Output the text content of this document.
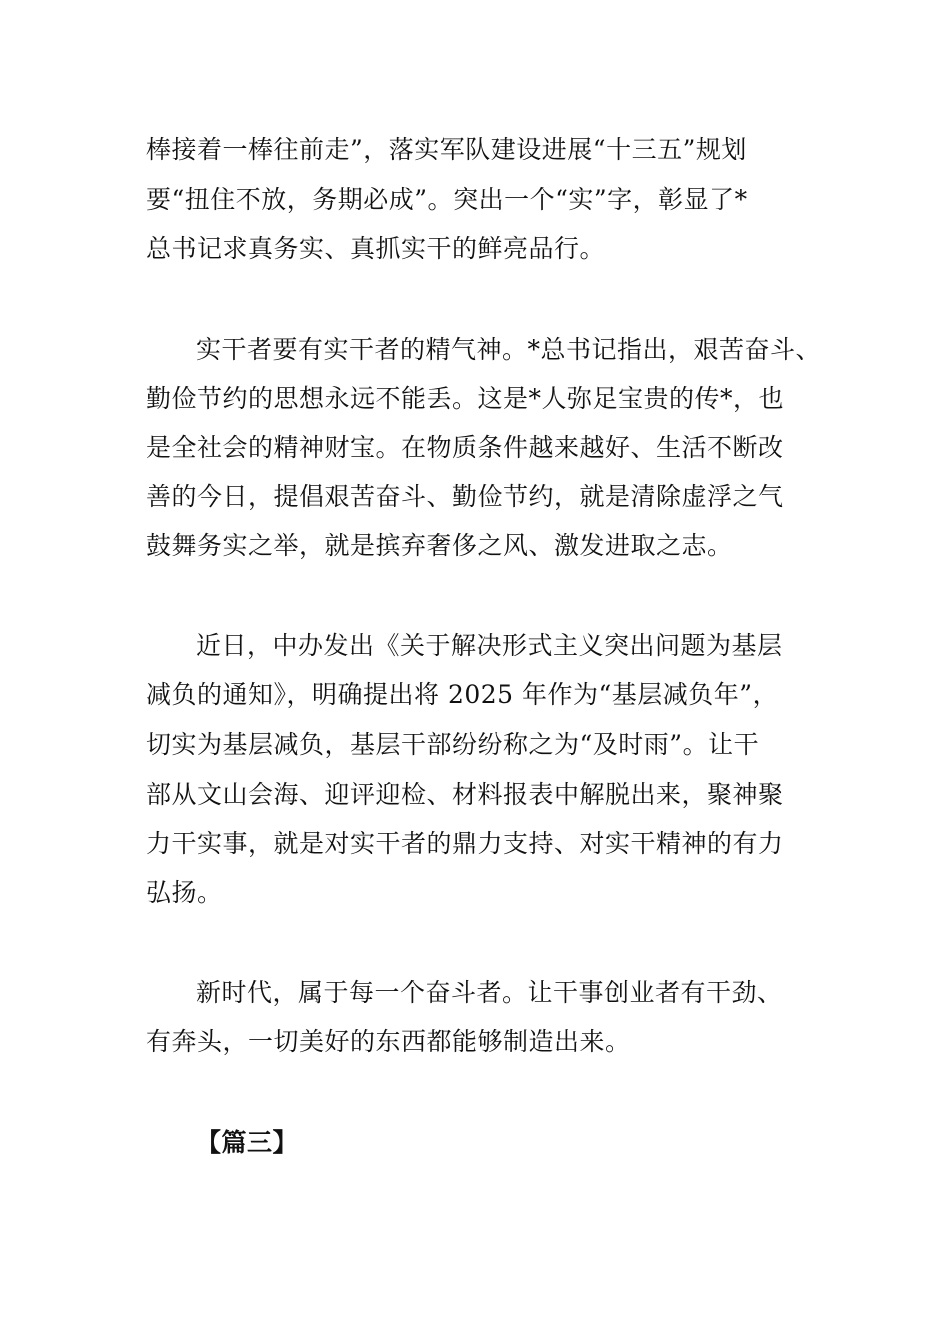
棒接着一棒往前走”，落实军队建设进展“十三五”规划
要“扭住不放，务期必成”。突出一个“实”字，彰显了*
总书记求真务实、真抓实干的鲜亮品行。
实干者要有实干者的精气神。*总书记指出，艰苦奋斗、
勤俭节约的思想永远不能丢。这是*人弥足宝贵的传*，也
是全社会的精神财宝。在物质条件越来越好、生活不断改
善的今日，提倡艰苦奋斗、勤俭节约，就是清除虚浮之气
鼓舞务实之举，就是摈弃奢侈之风、激发进取之志。
近日，中办发出《关于解决形式主义突出问题为基层
减负的通知》，明确提出将 2025 年作为“基层减负年”，
切实为基层减负，基层干部纷纷称之为“及时雨”。让干
部从文山会海、迎评迎检、材料报表中解脱出来，聚神聚
力干实事，就是对实干者的鼎力支持、对实干精神的有力
弘扬。
新时代，属于每一个奋斗者。让干事创业者有干劲、
有奔头，一切美好的东西都能够制造出来。
【篇三】
